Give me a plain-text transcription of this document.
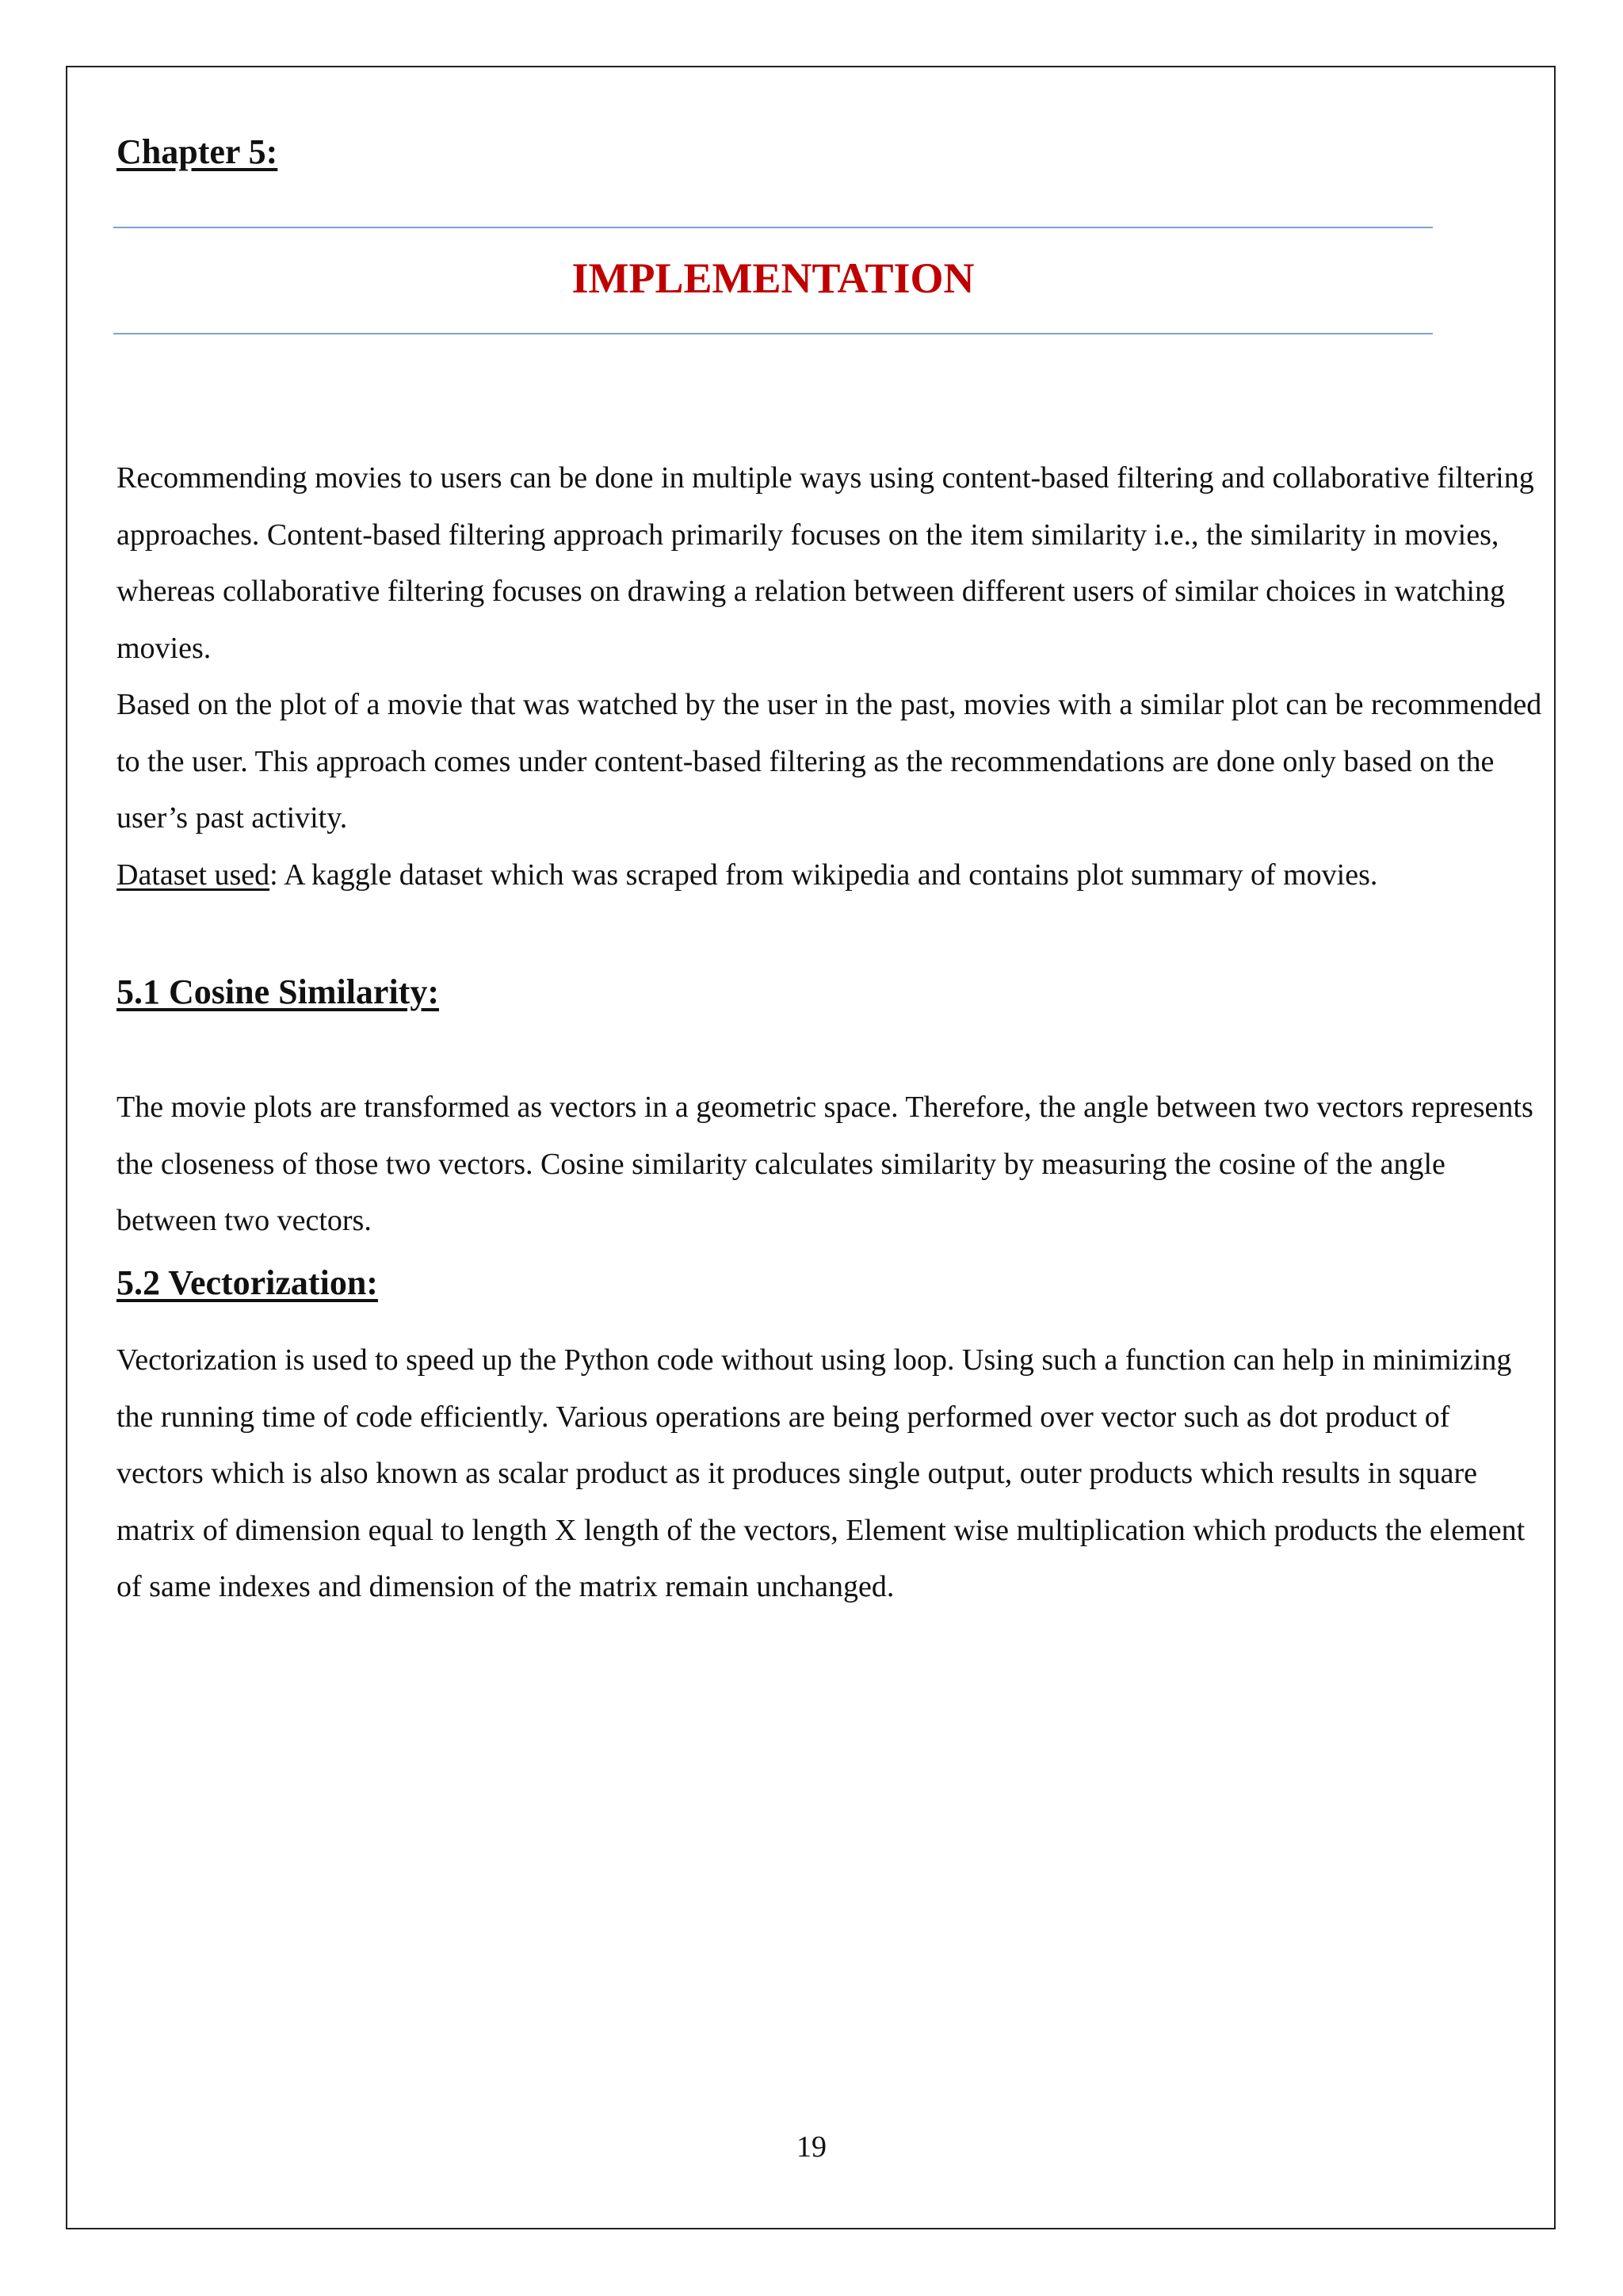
Chapter 5:
IMPLEMENTATION

Recommending movies to users can be done in multiple ways using content-based filtering and collaborative filtering approaches. Content-based filtering approach primarily focuses on the item similarity i.e., the similarity in movies, whereas collaborative filtering focuses on drawing a relation between different users of similar choices in watching movies.

Based on the plot of a movie that was watched by the user in the past, movies with a similar plot can be recommended to the user. This approach comes under content-based filtering as the recommendations are done only based on the user’s past activity.

Dataset used: A kaggle dataset which was scraped from wikipedia and contains plot summary of movies.

5.1 Cosine Similarity:

The movie plots are transformed as vectors in a geometric space. Therefore, the angle between two vectors represents the closeness of those two vectors. Cosine similarity calculates similarity by measuring the cosine of the angle between two vectors.

5.2 Vectorization:

Vectorization is used to speed up the Python code without using loop. Using such a function can help in minimizing the running time of code efficiently. Various operations are being performed over vector such as dot product of vectors which is also known as scalar product as it produces single output, outer products which results in square matrix of dimension equal to length X length of the vectors, Element wise multiplication which products the element of same indexes and dimension of the matrix remain unchanged.

19
